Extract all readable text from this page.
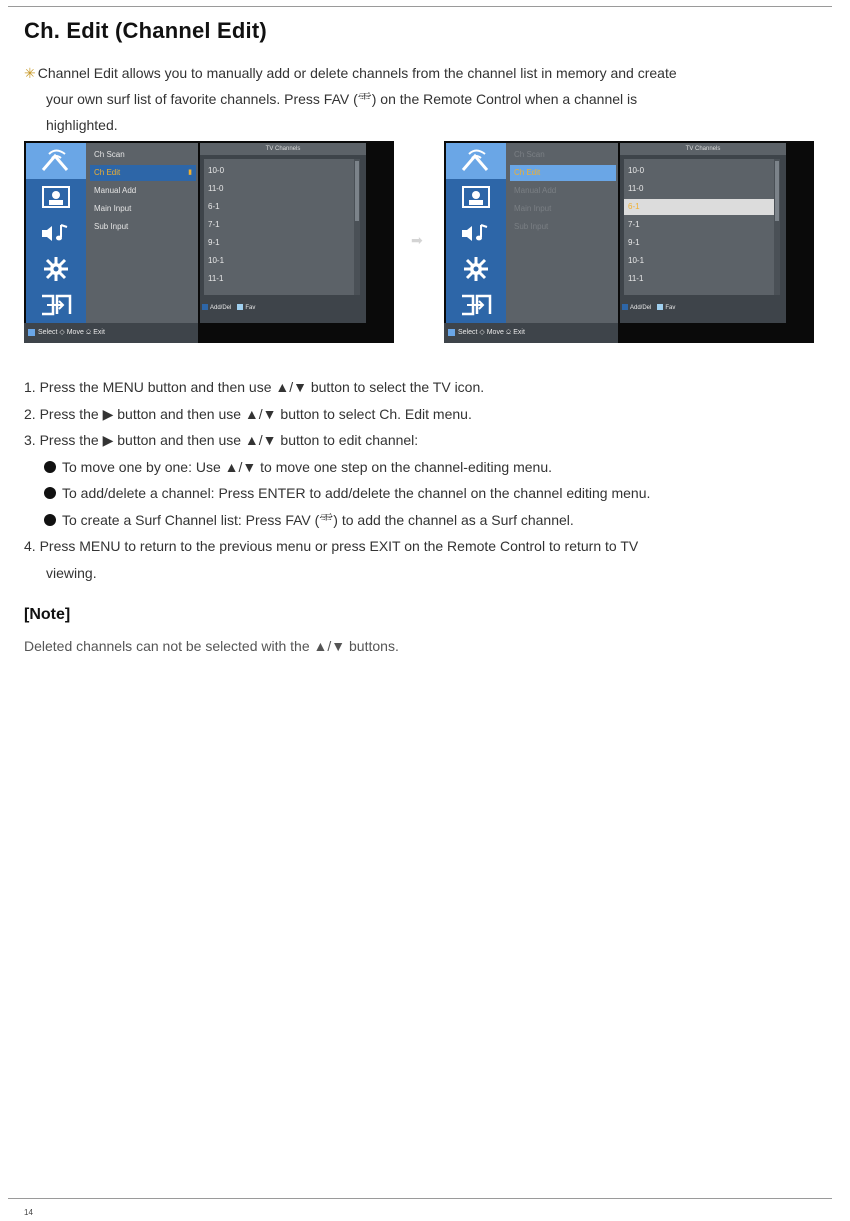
Ch. Edit (Channel Edit)
✳ Channel Edit allows you to manually add or delete channels from the channel list in memory and create
your own surf list of favorite channels. Press FAV (⻗) on the Remote Control when a channel is
highlighted.
Ch Scan
Ch Edit	▮
Manual Add
Main Input
Sub Input
TV Channels
10-0
11-0
6-1
7-1
9-1
10-1
11-1
Add/Del Fav
Select ◇ Move ⎐ Exit
➡
Ch Scan
Ch Edit
Manual Add
Main Input
Sub Input
TV Channels
10-0
11-0
6-1
7-1
9-1
10-1
11-1
Add/Del Fav
Select ◇ Move ⎐ Exit
1. Press the MENU button and then use ▲/▼ button to select the TV icon.
2. Press the ▶ button and then use ▲/▼ button to select Ch. Edit menu.
3. Press the ▶ button and then use ▲/▼ button to edit channel:
To move one by one: Use ▲/▼ to move one step on the channel-editing menu.
To add/delete a channel: Press ENTER to add/delete the channel on the channel editing menu.
To create a Surf Channel list: Press FAV (⻗) to add the channel as a Surf channel.
4. Press MENU to return to the previous menu or press EXIT on the Remote Control to return to TV
viewing.
[Note]
Deleted channels can not be selected with the ▲/▼ buttons.
14
